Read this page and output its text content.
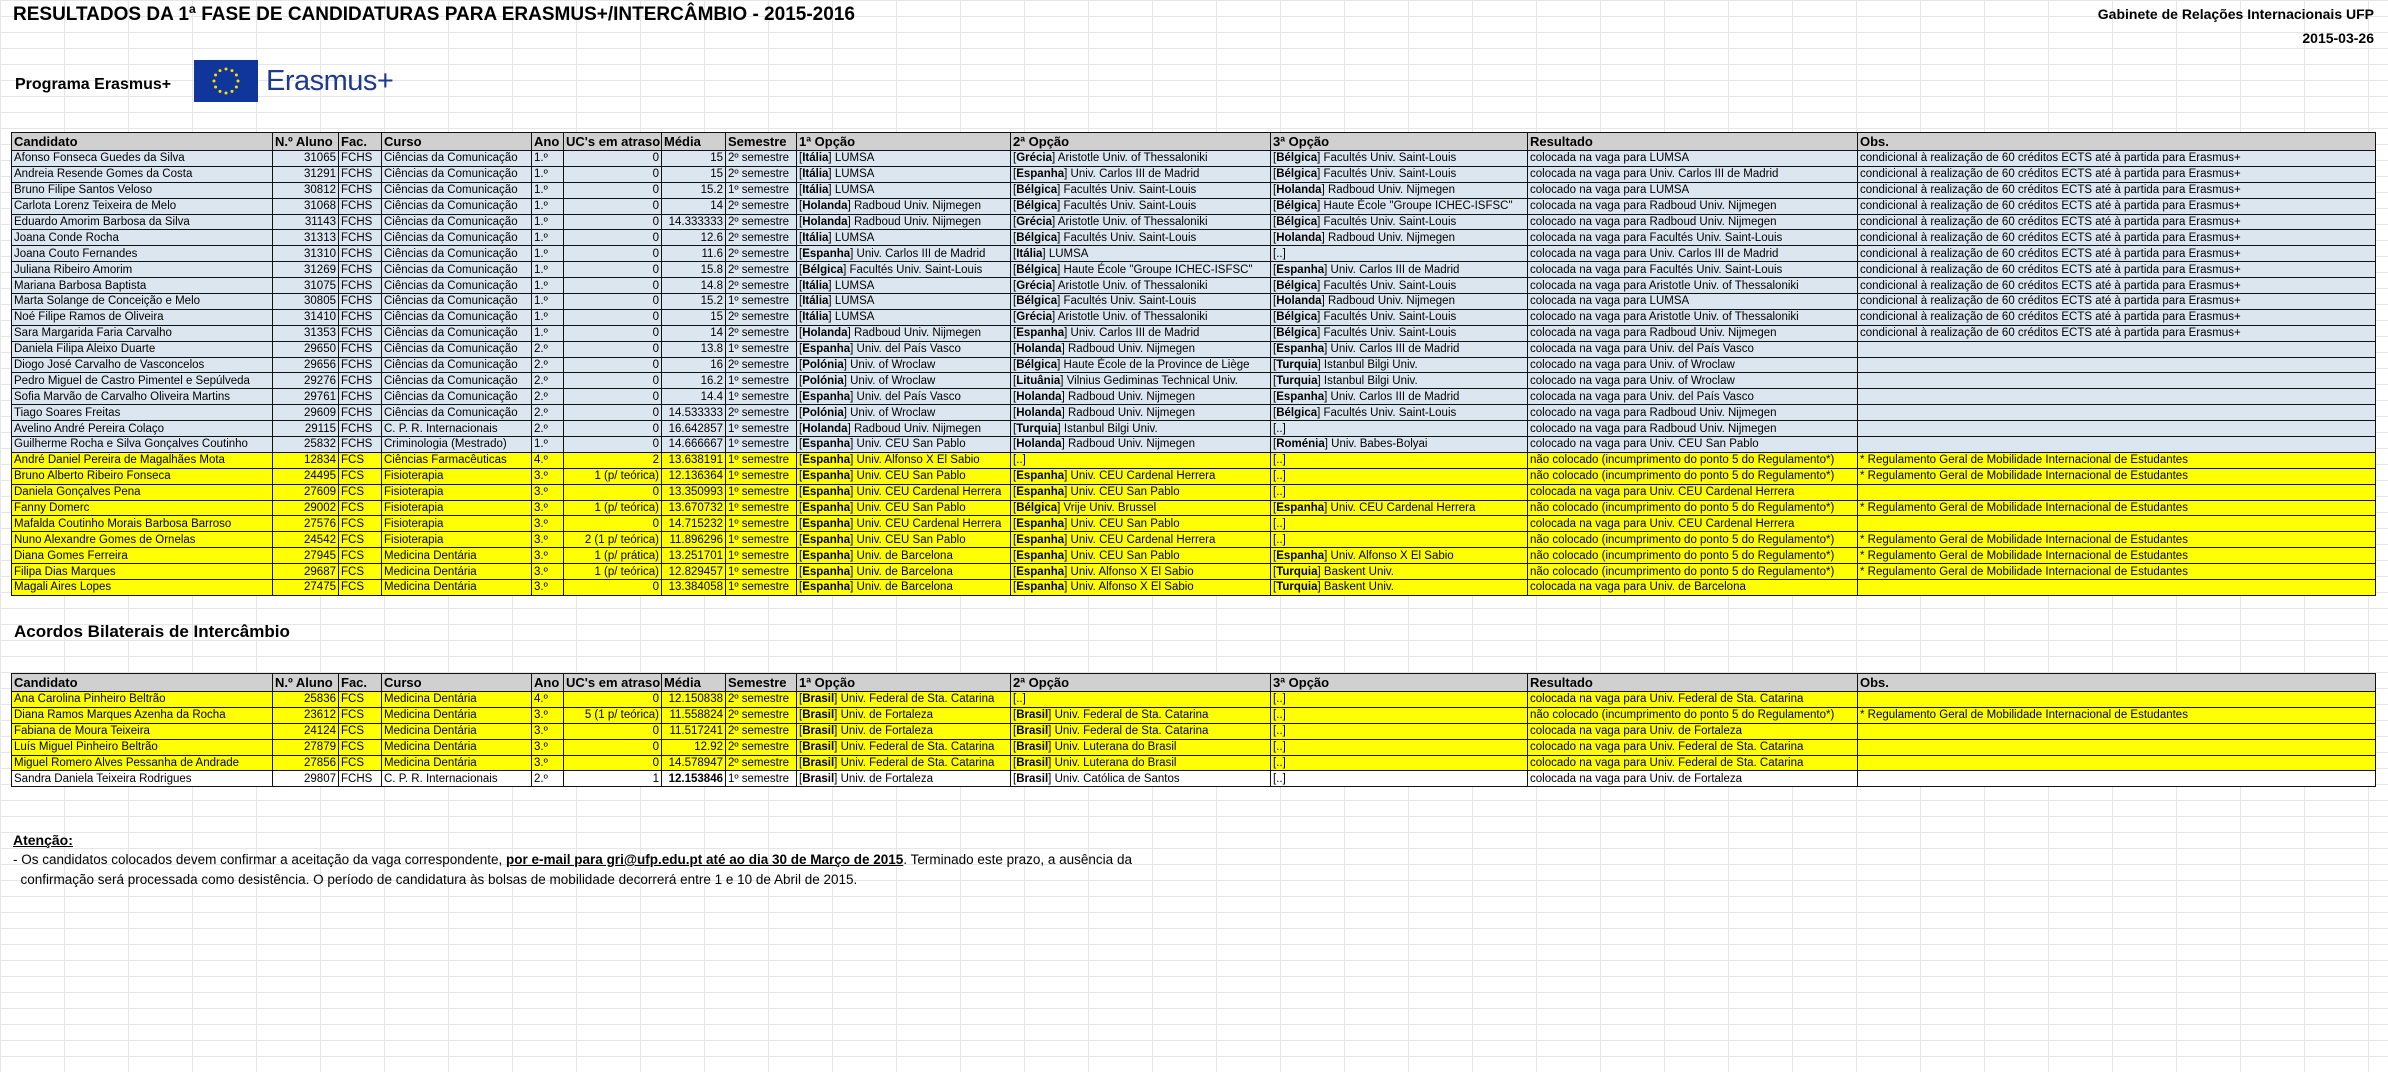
RESULTADOS DA 1ª FASE DE CANDIDATURAS PARA ERASMUS+/INTERCÂMBIO - 2015-2016	Gabinete de Relações Internacionais UFP
2015-03-26
Programa Erasmus+	Erasmus+
Candidato	N.º Aluno	Fac.	Curso	Ano	UC's em atraso	Média	Semestre	1ª Opção	2ª Opção	3ª Opção	Resultado	Obs.
Afonso Fonseca Guedes da Silva	31065	FCHS	Ciências da Comunicação	1.º	0	15	2º semestre	[Itália] LUMSA	[Grécia] Aristotle Univ. of Thessaloniki	[Bélgica] Facultés Univ. Saint-Louis	colocada na vaga para LUMSA	condicional à realização de 60 créditos ECTS até à partida para Erasmus+
Andreia Resende Gomes da Costa	31291	FCHS	Ciências da Comunicação	1.º	0	15	2º semestre	[Itália] LUMSA	[Espanha] Univ. Carlos III de Madrid	[Bélgica] Facultés Univ. Saint-Louis	colocada na vaga para Univ. Carlos III de Madrid	condicional à realização de 60 créditos ECTS até à partida para Erasmus+
Bruno Filipe Santos Veloso	30812	FCHS	Ciências da Comunicação	1.º	0	15.2	1º semestre	[Itália] LUMSA	[Bélgica] Facultés Univ. Saint-Louis	[Holanda] Radboud Univ. Nijmegen	colocado na vaga para LUMSA	condicional à realização de 60 créditos ECTS até à partida para Erasmus+
Carlota Lorenz Teixeira de Melo	31068	FCHS	Ciências da Comunicação	1.º	0	14	2º semestre	[Holanda] Radboud Univ. Nijmegen	[Bélgica] Facultés Univ. Saint-Louis	[Bélgica] Haute École "Groupe ICHEC-ISFSC"	colocada na vaga para Radboud Univ. Nijmegen	condicional à realização de 60 créditos ECTS até à partida para Erasmus+
Eduardo Amorim Barbosa da Silva	31143	FCHS	Ciências da Comunicação	1.º	0	14.333333	2º semestre	[Holanda] Radboud Univ. Nijmegen	[Grécia] Aristotle Univ. of Thessaloniki	[Bélgica] Facultés Univ. Saint-Louis	colocado na vaga para Radboud Univ. Nijmegen	condicional à realização de 60 créditos ECTS até à partida para Erasmus+
Joana Conde Rocha	31313	FCHS	Ciências da Comunicação	1.º	0	12.6	2º semestre	[Itália] LUMSA	[Bélgica] Facultés Univ. Saint-Louis	[Holanda] Radboud Univ. Nijmegen	colocada na vaga para Facultés Univ. Saint-Louis	condicional à realização de 60 créditos ECTS até à partida para Erasmus+
Joana Couto Fernandes	31310	FCHS	Ciências da Comunicação	1.º	0	11.6	2º semestre	[Espanha] Univ. Carlos III de Madrid	[Itália] LUMSA	[..]	colocada na vaga para Univ. Carlos III de Madrid	condicional à realização de 60 créditos ECTS até à partida para Erasmus+
Juliana Ribeiro Amorim	31269	FCHS	Ciências da Comunicação	1.º	0	15.8	2º semestre	[Bélgica] Facultés Univ. Saint-Louis	[Bélgica] Haute École "Groupe ICHEC-ISFSC"	[Espanha] Univ. Carlos III de Madrid	colocada na vaga para Facultés Univ. Saint-Louis	condicional à realização de 60 créditos ECTS até à partida para Erasmus+
Mariana Barbosa Baptista	31075	FCHS	Ciências da Comunicação	1.º	0	14.8	2º semestre	[Itália] LUMSA	[Grécia] Aristotle Univ. of Thessaloniki	[Bélgica] Facultés Univ. Saint-Louis	colocada na vaga para Aristotle Univ. of Thessaloniki	condicional à realização de 60 créditos ECTS até à partida para Erasmus+
Marta Solange de Conceição e Melo	30805	FCHS	Ciências da Comunicação	1.º	0	15.2	1º semestre	[Itália] LUMSA	[Bélgica] Facultés Univ. Saint-Louis	[Holanda] Radboud Univ. Nijmegen	colocada na vaga para LUMSA	condicional à realização de 60 créditos ECTS até à partida para Erasmus+
Noé Filipe Ramos de Oliveira	31410	FCHS	Ciências da Comunicação	1.º	0	15	2º semestre	[Itália] LUMSA	[Grécia] Aristotle Univ. of Thessaloniki	[Bélgica] Facultés Univ. Saint-Louis	colocado na vaga para Aristotle Univ. of Thessaloniki	condicional à realização de 60 créditos ECTS até à partida para Erasmus+
Sara Margarida Faria Carvalho	31353	FCHS	Ciências da Comunicação	1.º	0	14	2º semestre	[Holanda] Radboud Univ. Nijmegen	[Espanha] Univ. Carlos III de Madrid	[Bélgica] Facultés Univ. Saint-Louis	colocada na vaga para Radboud Univ. Nijmegen	condicional à realização de 60 créditos ECTS até à partida para Erasmus+
Daniela Filipa Aleixo Duarte	29650	FCHS	Ciências da Comunicação	2.º	0	13.8	1º semestre	[Espanha] Univ. del País Vasco	[Holanda] Radboud Univ. Nijmegen	[Espanha] Univ. Carlos III de Madrid	colocada na vaga para Univ. del País Vasco	
Diogo José Carvalho de Vasconcelos	29656	FCHS	Ciências da Comunicação	2.º	0	16	2º semestre	[Polónia] Univ. of Wroclaw	[Bélgica] Haute École de la Province de Liège	[Turquia] Istanbul Bilgi Univ.	colocado na vaga para Univ. of Wroclaw	
Pedro Miguel de Castro Pimentel e Sepúlveda	29276	FCHS	Ciências da Comunicação	2.º	0	16.2	1º semestre	[Polónia] Univ. of Wroclaw	[Lituânia] Vilnius Gediminas Technical Univ.	[Turquia] Istanbul Bilgi Univ.	colocado na vaga para Univ. of Wroclaw	
Sofia Marvão de Carvalho Oliveira Martins	29761	FCHS	Ciências da Comunicação	2.º	0	14.4	1º semestre	[Espanha] Univ. del País Vasco	[Holanda] Radboud Univ. Nijmegen	[Espanha] Univ. Carlos III de Madrid	colocada na vaga para Univ. del País Vasco	
Tiago Soares Freitas	29609	FCHS	Ciências da Comunicação	2.º	0	14.533333	2º semestre	[Polónia] Univ. of Wroclaw	[Holanda] Radboud Univ. Nijmegen	[Bélgica] Facultés Univ. Saint-Louis	colocado na vaga para Radboud Univ. Nijmegen	
Avelino André Pereira Colaço	29115	FCHS	C. P. R. Internacionais	2.º	0	16.642857	1º semestre	[Holanda] Radboud Univ. Nijmegen	[Turquia] Istanbul Bilgi Univ.	[..]	colocado na vaga para Radboud Univ. Nijmegen	
Guilherme Rocha e Silva Gonçalves Coutinho	25832	FCHS	Criminologia (Mestrado)	1.º	0	14.666667	1º semestre	[Espanha] Univ. CEU San Pablo	[Holanda] Radboud Univ. Nijmegen	[Roménia] Univ. Babes-Bolyai	colocado na vaga para Univ. CEU San Pablo	
André Daniel Pereira de Magalhães Mota	12834	FCS	Ciências Farmacêuticas	4.º	2	13.638191	1º semestre	[Espanha] Univ. Alfonso X El Sabio	[..]	[..]	não colocado (incumprimento do ponto 5 do Regulamento*)	* Regulamento Geral de Mobilidade Internacional de Estudantes
Bruno Alberto Ribeiro Fonseca	24495	FCS	Fisioterapia	3.º	1 (p/ teórica)	12.136364	1º semestre	[Espanha] Univ. CEU San Pablo	[Espanha] Univ. CEU Cardenal Herrera	[..]	não colocado (incumprimento do ponto 5 do Regulamento*)	* Regulamento Geral de Mobilidade Internacional de Estudantes
Daniela Gonçalves Pena	27609	FCS	Fisioterapia	3.º	0	13.350993	1º semestre	[Espanha] Univ. CEU Cardenal Herrera	[Espanha] Univ. CEU San Pablo	[..]	colocada na vaga para Univ. CEU Cardenal Herrera	
Fanny Domerc	29002	FCS	Fisioterapia	3.º	1 (p/ teórica)	13.670732	1º semestre	[Espanha] Univ. CEU San Pablo	[Bélgica] Vrije Univ. Brussel	[Espanha] Univ. CEU Cardenal Herrera	não colocado (incumprimento do ponto 5 do Regulamento*)	* Regulamento Geral de Mobilidade Internacional de Estudantes
Mafalda Coutinho Morais Barbosa Barroso	27576	FCS	Fisioterapia	3.º	0	14.715232	1º semestre	[Espanha] Univ. CEU Cardenal Herrera	[Espanha] Univ. CEU San Pablo	[..]	colocada na vaga para Univ. CEU Cardenal Herrera	
Nuno Alexandre Gomes de Ornelas	24542	FCS	Fisioterapia	3.º	2 (1 p/ teórica)	11.896296	1º semestre	[Espanha] Univ. CEU San Pablo	[Espanha] Univ. CEU Cardenal Herrera	[..]	não colocado (incumprimento do ponto 5 do Regulamento*)	* Regulamento Geral de Mobilidade Internacional de Estudantes
Diana Gomes Ferreira	27945	FCS	Medicina Dentária	3.º	1 (p/ prática)	13.251701	1º semestre	[Espanha] Univ. de Barcelona	[Espanha] Univ. CEU San Pablo	[Espanha] Univ. Alfonso X El Sabio	não colocado (incumprimento do ponto 5 do Regulamento*)	* Regulamento Geral de Mobilidade Internacional de Estudantes
Filipa Dias Marques	29687	FCS	Medicina Dentária	3.º	1 (p/ teórica)	12.829457	1º semestre	[Espanha] Univ. de Barcelona	[Espanha] Univ. Alfonso X El Sabio	[Turquia] Baskent Univ.	não colocado (incumprimento do ponto 5 do Regulamento*)	* Regulamento Geral de Mobilidade Internacional de Estudantes
Magali Aires Lopes	27475	FCS	Medicina Dentária	3.º	0	13.384058	1º semestre	[Espanha] Univ. de Barcelona	[Espanha] Univ. Alfonso X El Sabio	[Turquia] Baskent Univ.	colocada na vaga para Univ. de Barcelona	
Acordos Bilaterais de Intercâmbio
Candidato	N.º Aluno	Fac.	Curso	Ano	UC's em atraso	Média	Semestre	1ª Opção	2ª Opção	3ª Opção	Resultado	Obs.
Ana Carolina Pinheiro Beltrão	25836	FCS	Medicina Dentária	4.º	0	12.150838	2º semestre	[Brasil] Univ. Federal de Sta. Catarina	[..]	[..]	colocada na vaga para Univ. Federal de Sta. Catarina	
Diana Ramos Marques Azenha da Rocha	23612	FCS	Medicina Dentária	3.º	5 (1 p/ teórica)	11.558824	2º semestre	[Brasil] Univ. de Fortaleza	[Brasil] Univ. Federal de Sta. Catarina	[..]	não colocado (incumprimento do ponto 5 do Regulamento*)	* Regulamento Geral de Mobilidade Internacional de Estudantes
Fabiana de Moura Teixeira	24124	FCS	Medicina Dentária	3.º	0	11.517241	2º semestre	[Brasil] Univ. de Fortaleza	[Brasil] Univ. Federal de Sta. Catarina	[..]	colocada na vaga para Univ. de Fortaleza	
Luís Miguel Pinheiro Beltrão	27879	FCS	Medicina Dentária	3.º	0	12.92	2º semestre	[Brasil] Univ. Federal de Sta. Catarina	[Brasil] Univ. Luterana do Brasil	[..]	colocado na vaga para Univ. Federal de Sta. Catarina	
Miguel Romero Alves Pessanha de Andrade	27856	FCS	Medicina Dentária	3.º	0	14.578947	2º semestre	[Brasil] Univ. Federal de Sta. Catarina	[Brasil] Univ. Luterana do Brasil	[..]	colocado na vaga para Univ. Federal de Sta. Catarina	
Sandra Daniela Teixeira Rodrigues	29807	FCHS	C. P. R. Internacionais	2.º	1	12.153846	1º semestre	[Brasil] Univ. de Fortaleza	[Brasil] Univ. Católica de Santos	[..]	colocada na vaga para Univ. de Fortaleza	
Atenção:
- Os candidatos colocados devem confirmar a aceitação da vaga correspondente, por e-mail para gri@ufp.edu.pt até ao dia 30 de Março de 2015. Terminado este prazo, a ausência da
confirmação será processada como desistência. O período de candidatura às bolsas de mobilidade decorrerá entre 1 e 10 de Abril de 2015.
